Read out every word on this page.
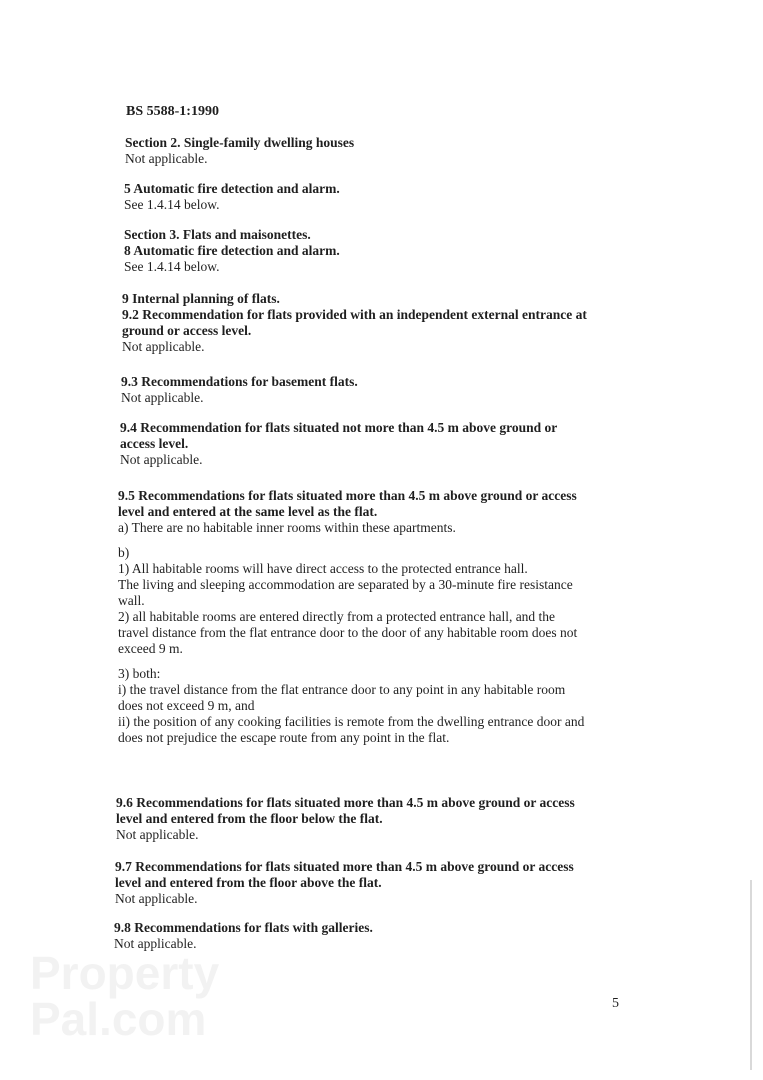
BS 5588-1:1990
Section 2. Single-family dwelling houses
Not applicable.
5 Automatic fire detection and alarm.
See 1.4.14 below.
Section 3. Flats and maisonettes.
8 Automatic fire detection and alarm.
See 1.4.14 below.
9 Internal planning of flats.
9.2 Recommendation for flats provided with an independent external entrance at
ground or access level.
Not applicable.
9.3 Recommendations for basement flats.
Not applicable.
9.4 Recommendation for flats situated not more than 4.5 m above ground or
access level.
Not applicable.
9.5 Recommendations for flats situated more than 4.5 m above ground or access
level and entered at the same level as the flat.
a) There are no habitable inner rooms within these apartments.
b)
1) All habitable rooms will have direct access to the protected entrance hall.
The living and sleeping accommodation are separated by a 30-minute fire resistance
wall.
2) all habitable rooms are entered directly from a protected entrance hall, and the
travel distance from the flat entrance door to the door of any habitable room does not
exceed 9 m.
3) both:
i) the travel distance from the flat entrance door to any point in any habitable room
does not exceed 9 m, and
ii) the position of any cooking facilities is remote from the dwelling entrance door and
does not prejudice the escape route from any point in the flat.
9.6 Recommendations for flats situated more than 4.5 m above ground or access
level and entered from the floor below the flat.
Not applicable.
9.7 Recommendations for flats situated more than 4.5 m above ground or access
level and entered from the floor above the flat.
Not applicable.
9.8 Recommendations for flats with galleries.
Not applicable.
5
Property
Pal.com
